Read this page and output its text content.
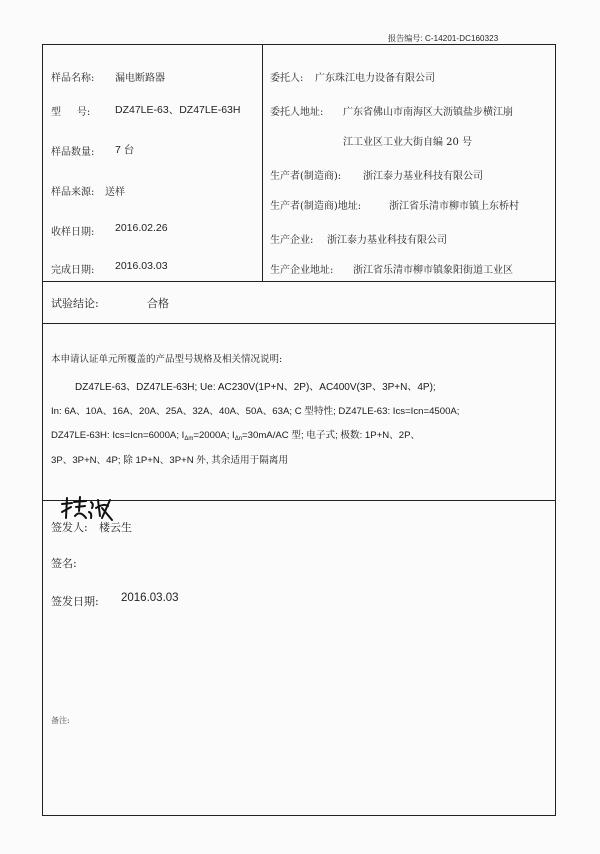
报告编号: C-14201-DC160323
样品名称: 漏电断路器
型     号: DZ47LE-63、DZ47LE-63H
样品数量: 7 台
样品来源: 送样
收样日期: 2016.02.26
完成日期: 2016.03.03
委托人: 广东珠江电力设备有限公司
委托人地址: 广东省佛山市南海区大沥镇盐步横江崩
江工业区工业大街自编 20 号
生产者(制造商): 浙江泰力基业科技有限公司
生产者(制造商)地址:	浙江省乐清市柳市镇上东桥村
生产企业: 浙江泰力基业科技有限公司
生产企业地址: 浙江省乐清市柳市镇象阳街道工业区
试验结论:	合格
本申请认证单元所覆盖的产品型号规格及相关情况说明:
DZ47LE-63、DZ47LE-63H; Ue: AC230V(1P+N、2P)、AC400V(3P、3P+N、4P);
In: 6A、10A、16A、20A、25A、32A、40A、50A、63A; C 型特性; DZ47LE-63: Ics=Icn=4500A;
DZ47LE-63H: Ics=Icn=6000A; $I_{\Delta m}=2000A$; $I_{\Delta n}=30mA/AC$ 型; 电子式; 极数: 1P+N、2P、
3P、3P+N、4P; 除 1P+N、3P+N 外, 其余适用于隔离用
签发人: 楼云生
签名:
签发日期: 2016.03.03
备注:
